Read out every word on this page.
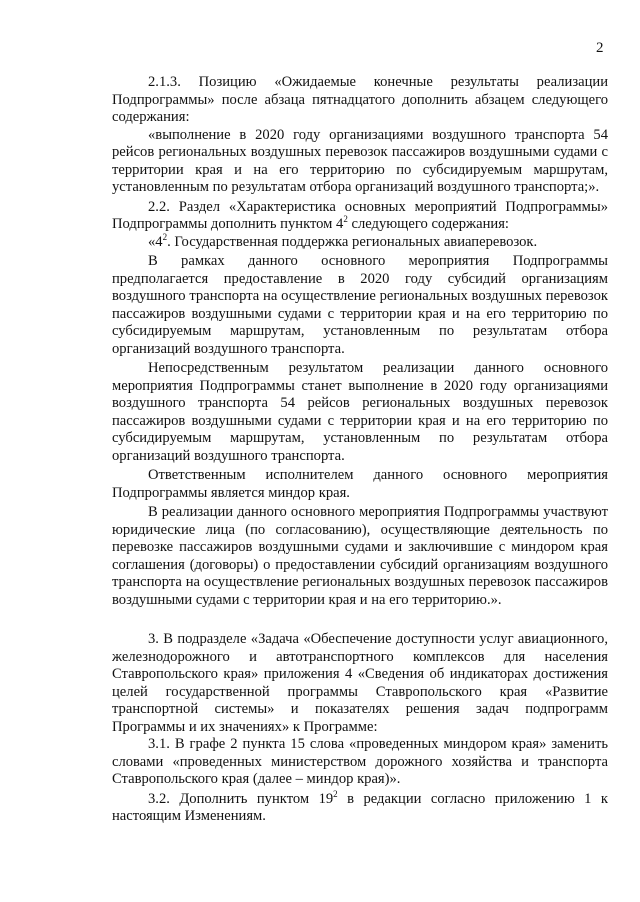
2

2.1.3. Позицию «Ожидаемые конечные результаты реализации Подпрограммы» после абзаца пятнадцатого дополнить абзацем следующего содержания:

«выполнение в 2020 году организациями воздушного транспорта 54 рейсов региональных воздушных перевозок пассажиров воздушными судами с территории края и на его территорию по субсидируемым маршрутам, установленным по результатам отбора организаций воздушного транспорта;».

2.2. Раздел «Характеристика основных мероприятий Подпрограммы» Подпрограммы дополнить пунктом $4^2$ следующего содержания:

«$4^2$. Государственная поддержка региональных авиаперевозок.

В рамках данного основного мероприятия Подпрограммы предполагается предоставление в 2020 году субсидий организациям воздушного транспорта на осуществление региональных воздушных перевозок пассажиров воздушными судами с территории края и на его территорию по субсидируемым маршрутам, установленным по результатам отбора организаций воздушного транспорта.

Непосредственным результатом реализации данного основного мероприятия Подпрограммы станет выполнение в 2020 году организациями воздушного транспорта 54 рейсов региональных воздушных перевозок пассажиров воздушными судами с территории края и на его территорию по субсидируемым маршрутам, установленным по результатам отбора организаций воздушного транспорта.

Ответственным исполнителем данного основного мероприятия Подпрограммы является миндор края.

В реализации данного основного мероприятия Подпрограммы участвуют юридические лица (по согласованию), осуществляющие деятельность по перевозке пассажиров воздушными судами и заключившие с миндором края соглашения (договоры) о предоставлении субсидий организациям воздушного транспорта на осуществление региональных воздушных перевозок пассажиров воздушными судами с территории края и на его территорию.».

3. В подразделе «Задача «Обеспечение доступности услуг авиационного, железнодорожного и автотранспортного комплексов для населения Ставропольского края» приложения 4 «Сведения об индикаторах достижения целей государственной программы Ставропольского края «Развитие транспортной системы» и показателях решения задач подпрограмм Программы и их значениях» к Программе:

3.1. В графе 2 пункта 15 слова «проведенных миндором края» заменить словами «проведенных министерством дорожного хозяйства и транспорта Ставропольского края (далее – миндор края)».

3.2. Дополнить пунктом $19^2$ в редакции согласно приложению 1 к настоящим Изменениям.
